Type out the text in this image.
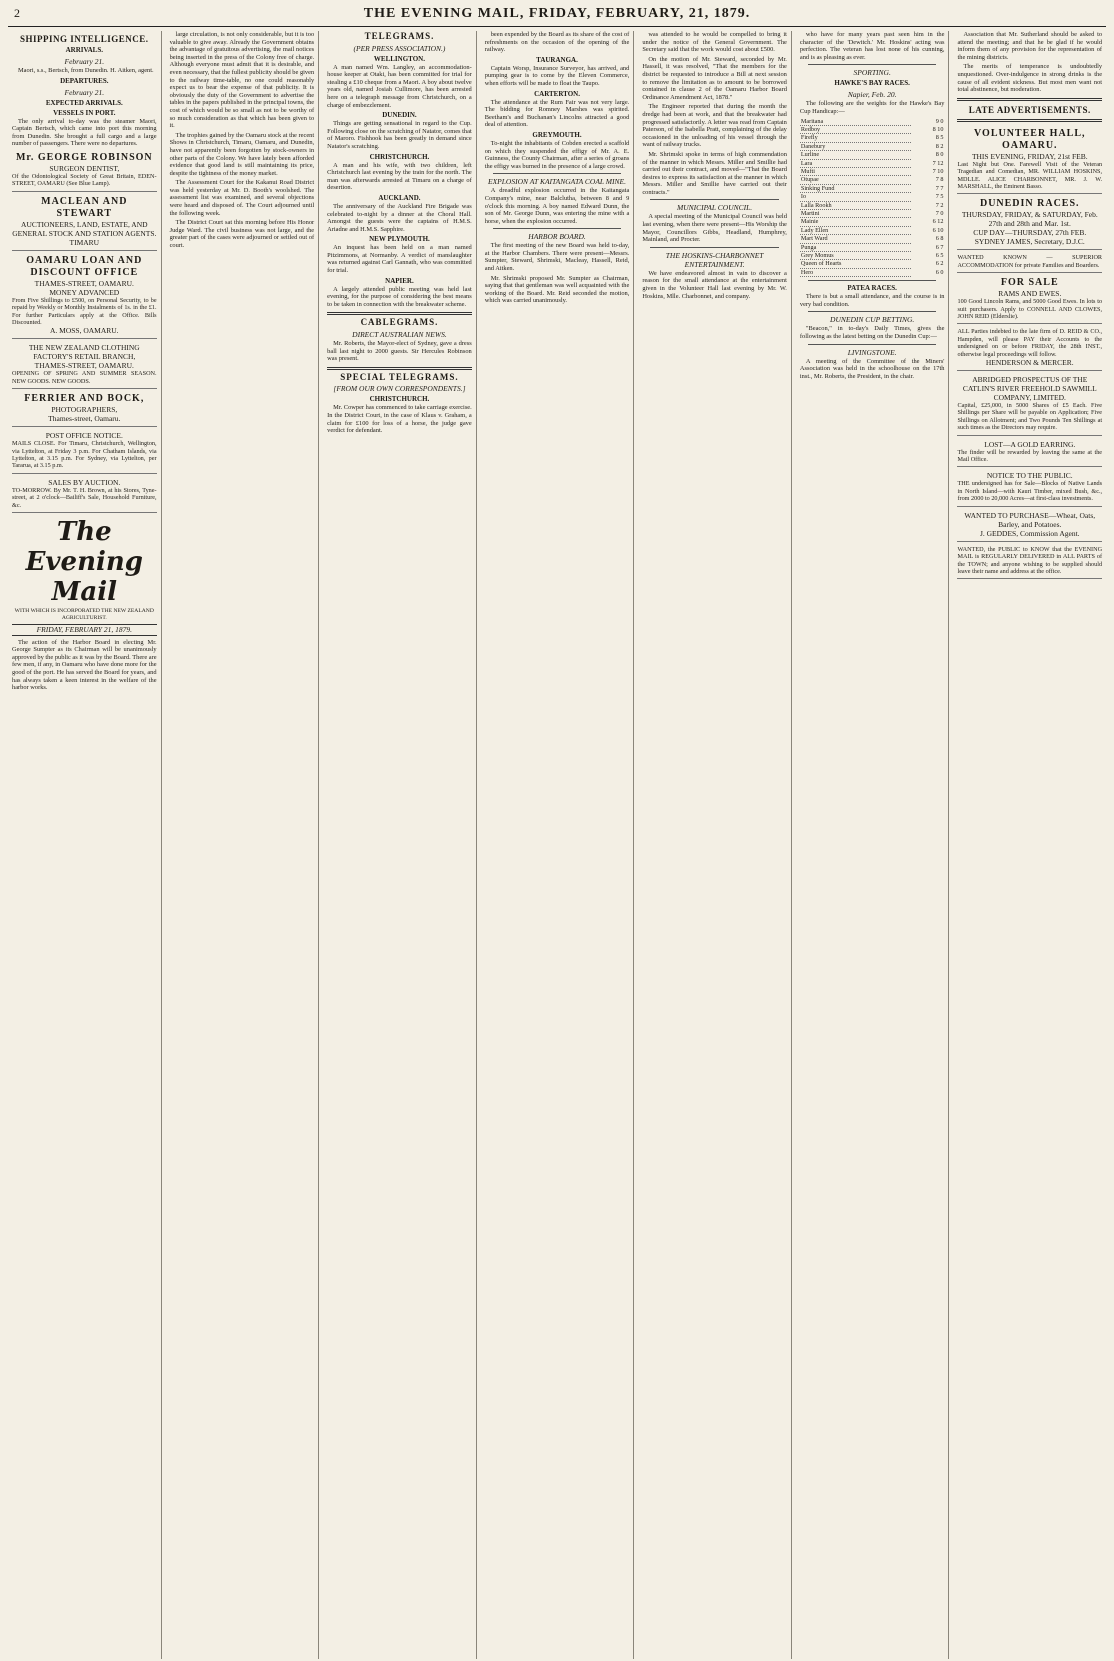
2	THE EVENING MAIL, FRIDAY, FEBRUARY, 21, 1879.
SHIPPING INTELLIGENCE.
ARRIVALS.
February 21.

Maori, s.s., Bertsch, from Dunedin. H. Aitken, agent.

DEPARTURES.
February 21.
EXPECTED ARRIVALS.
VESSELS IN PORT.

The only arrival to-day was the steamer Maori, Captain Bertsch, which came into port this morning from Dunedin. She brought a full cargo and a large number of passengers. There were no departures.

Mr. GEORGE ROBINSON
SURGEON DENTIST,
Of the Odontological Society of Great Britain, EDEN-STREET, OAMARU (See Blue Lamp).
MACLEAN AND STEWART
AUCTIONEERS, LAND, ESTATE, AND GENERAL STOCK AND STATION AGENTS.
TIMARU
OAMARU LOAN AND DISCOUNT OFFICE
THAMES-STREET, OAMARU.
MONEY ADVANCED
From Five Shillings to £500, on Personal Security, to be repaid by Weekly or Monthly Instalments of 1s. in the £1. For further Particulars apply at the Office. Bills Discounted.
A. MOSS, OAMARU.
THE NEW ZEALAND CLOTHING FACTORY'S RETAIL BRANCH,
THAMES-STREET, OAMARU.
OPENING OF SPRING AND SUMMER SEASON. NEW GOODS. NEW GOODS.
FERRIER AND BOCK,
PHOTOGRAPHERS,
Thames-street, Oamaru.
POST OFFICE NOTICE.
MAILS CLOSE. For Timaru, Christchurch, Wellington, via Lyttelton, at Friday 3 p.m. For Chatham Islands, via Lyttelton, at 3.15 p.m. For Sydney, via Lyttelton, per Tararua, at 3.15 p.m.
SALES BY AUCTION.
TO-MORROW. By Mr. T. H. Brown, at his Stores, Tyne-street, at 2 o'clock—Bailiff's Sale, Household Furniture, &c.
The Evening Mail
WITH WHICH IS INCORPORATED THE NEW ZEALAND AGRICULTURIST.
FRIDAY, FEBRUARY 21, 1879.

The action of the Harbor Board in electing Mr. George Sumpter as its Chairman will be unanimously approved by the public as it was by the Board. There are few men, if any, in Oamaru who have done more for the good of the port. He has served the Board for years, and has always taken a keen interest in the welfare of the harbor works.

large circulation, is not only considerable, but it is too valuable to give away. Already the Government obtains the advantage of gratuitous advertising, the mail notices being inserted in the press of the Colony free of charge. Although everyone must admit that it is desirable, and even necessary, that the fullest publicity should be given to the railway time-table, no one could reasonably expect us to bear the expense of that publicity. It is obviously the duty of the Government to advertise the tables in the papers published in the principal towns, the cost of which would be so small as not to be worthy of so much consideration as that which has been given to it.

The trophies gained by the Oamaru stock at the recent Shows in Christchurch, Timaru, Oamaru, and Dunedin, have not apparently been forgotten by stock-owners in other parts of the Colony. We have lately been afforded evidence that good land is still maintaining its price, despite the tightness of the money market.

The Assessment Court for the Kakanui Road District was held yesterday at Mr. D. Booth's woolshed. The assessment list was examined, and several objections were heard and disposed of. The Court adjourned until the following week.

The District Court sat this morning before His Honor Judge Ward. The civil business was not large, and the greater part of the cases were adjourned or settled out of court.

TELEGRAMS.
(PER PRESS ASSOCIATION.)
WELLINGTON.

A man named Wm. Langley, an accommodation-house keeper at Otaki, has been committed for trial for stealing a £10 cheque from a Maori. A boy about twelve years old, named Josiah Cullimore, has been arrested here on a telegraph message from Christchurch, on a charge of embezzlement.

DUNEDIN.

Things are getting sensational in regard to the Cup. Following close on the scratching of Natator, comes that of Maroro. Fishhook has been greatly in demand since Natator's scratching.

CHRISTCHURCH.

A man and his wife, with two children, left Christchurch last evening by the train for the north. The man was afterwards arrested at Timaru on a charge of desertion.

AUCKLAND.

The anniversary of the Auckland Fire Brigade was celebrated to-night by a dinner at the Choral Hall. Amongst the guests were the captains of H.M.S. Ariadne and H.M.S. Sapphire.

NEW PLYMOUTH.

An inquest has been held on a man named Pitzimmons, at Normanby. A verdict of manslaughter was returned against Carl Gannath, who was committed for trial.

NAPIER.

A largely attended public meeting was held last evening, for the purpose of considering the best means to be taken in connection with the breakwater scheme.

CABLEGRAMS.
DIRECT AUSTRALIAN NEWS.

Mr. Roberts, the Mayor-elect of Sydney, gave a dress ball last night to 2000 guests. Sir Hercules Robinson was present.

SPECIAL TELEGRAMS.
[FROM OUR OWN CORRESPONDENTS.]
CHRISTCHURCH.

Mr. Cowper has commenced to take carriage exercise. In the District Court, in the case of Klaus v. Graham, a claim for £100 for loss of a horse, the judge gave verdict for defendant.

been expended by the Board as its share of the cost of refreshments on the occasion of the opening of the railway.

TAURANGA.

Captain Worsp, Insurance Surveyor, has arrived, and pumping gear is to come by the Eleven Commerce, when efforts will be made to float the Taupo.

CARTERTON.

The attendance at the Rum Fair was not very large. The bidding for Romney Marshes was spirited. Beetham's and Buchanan's Lincolns attracted a good deal of attention.

GREYMOUTH.

To-night the inhabitants of Cobden erected a scaffold on which they suspended the effigy of Mr. A. E. Guinness, the County Chairman, after a series of groans the effigy was burned in the presence of a large crowd.

EXPLOSION AT KAITANGATA COAL MINE.

A dreadful explosion occurred in the Kaitangata Company's mine, near Balclutha, between 8 and 9 o'clock this morning. A boy named Edward Dunn, the son of Mr. George Dunn, was entering the mine with a horse, when the explosion occurred.

HARBOR BOARD.

The first meeting of the new Board was held to-day, at the Harbor Chambers. There were present—Messrs. Sumpter, Steward, Shrimski, Macleay, Hassell, Reid, and Aitken.

Mr. Shrimski proposed Mr. Sumpter as Chairman, saying that that gentleman was well acquainted with the working of the Board. Mr. Reid seconded the motion, which was carried unanimously.

was attended to he would be compelled to bring it under the notice of the General Government. The Secretary said that the work would cost about £500.

On the motion of Mr. Steward, seconded by Mr. Hassell, it was resolved, "That the members for the district be requested to introduce a Bill at next session to remove the limitation as to amount to be borrowed contained in clause 2 of the Oamaru Harbor Board Ordinance Amendment Act, 1878."

The Engineer reported that during the month the dredge had been at work, and that the breakwater had progressed satisfactorily. A letter was read from Captain Paterson, of the Isabella Pratt, complaining of the delay occasioned in the unloading of his vessel through the want of railway trucks.

Mr. Shrimski spoke in terms of high commendation of the manner in which Messrs. Miller and Smillie had carried out their contract, and moved—"That the Board desires to express its satisfaction at the manner in which Messrs. Miller and Smillie have carried out their contracts."

MUNICIPAL COUNCIL.

A special meeting of the Municipal Council was held last evening, when there were present—His Worship the Mayor, Councillors Gibbs, Headland, Humphrey, Mainland, and Procter.

THE HOSKINS-CHARBONNET ENTERTAINMENT.

We have endeavored almost in vain to discover a reason for the small attendance at the entertainment given in the Volunteer Hall last evening by Mr. W. Hoskins, Mlle. Charbonnet, and company.

who have for many years past seen him in the character of the 'Dewitch.' Mr. Hoskins' acting was perfection. The veteran has lost none of his cunning, and is as pleasing as ever.

SPORTING.
HAWKE'S BAY RACES.
Napier, Feb. 20.

The following are the weights for the Hawke's Bay Cup Handicap:—

Maritana	9 0
Redboy	8 10
Firefly	8 5
Danebury	8 2
Lurline	8 0
Lara	7 12
Mufti	7 10
Otupae	7 8
Sinking Fund	7 7
Io	7 5
Lalla Rookh	7 2
Martini	7 0
Mainie	6 12
Lady Ellen	6 10
Mart Ward	6 8
Punga	6 7
Grey Momus	6 5
Queen of Hearts	6 2
Hero	6 0
PATEA RACES.

There is but a small attendance, and the course is in very bad condition.

DUNEDIN CUP BETTING.

"Beacon," in to-day's Daily Times, gives the following as the latest betting on the Dunedin Cup:—

LIVINGSTONE.

A meeting of the Committee of the Miners' Association was held in the schoolhouse on the 17th inst., Mr. Roberts, the President, in the chair.

Association that Mr. Sutherland should be asked to attend the meeting; and that he be glad if he would inform them of any provision for the representation of the mining districts.

The merits of temperance is undoubtedly unquestioned. Over-indulgence in strong drinks is the cause of all evident sickness. But most men want not total abstinence, but moderation.

LATE ADVERTISEMENTS.
VOLUNTEER HALL, OAMARU.
THIS EVENING, FRIDAY, 21st FEB.
Last Night but One. Farewell Visit of the Veteran Tragedian and Comedian, MR. WILLIAM HOSKINS, MDLLE. ALICE CHARBONNET, MR. J. W. MARSHALL, the Eminent Basso.
DUNEDIN RACES.
THURSDAY, FRIDAY, & SATURDAY, Feb. 27th and 28th and Mar. 1st.
CUP DAY—THURSDAY, 27th FEB.
SYDNEY JAMES, Secretary, D.J.C.
WANTED KNOWN — SUPERIOR ACCOMMODATION for private Families and Boarders.
FOR SALE
RAMS AND EWES.
100 Good Lincoln Rams, and 5000 Good Ewes. In lots to suit purchasers. Apply to CONNELL AND CLOWES, JOHN REID (Elderslie).
ALL Parties indebted to the late firm of D. REID & CO., Hampden, will please PAY their Accounts to the undersigned on or before FRIDAY, the 28th INST., otherwise legal proceedings will follow.
HENDERSON & MERCER.
ABRIDGED PROSPECTUS OF THE CATLIN'S RIVER FREEHOLD SAWMILL COMPANY, LIMITED.
Capital, £25,000, in 5000 Shares of £5 Each. Five Shillings per Share will be payable on Application; Five Shillings on Allotment; and Two Pounds Ten Shillings at such times as the Directors may require.
LOST—A GOLD EARRING.
The finder will be rewarded by leaving the same at the Mail Office.
NOTICE TO THE PUBLIC.
THE undersigned has for Sale—Blocks of Native Lands in North Island—with Kauri Timber, mixed Bush, &c., from 2000 to 20,000 Acres—at first-class investments.
WANTED TO PURCHASE—Wheat, Oats, Barley, and Potatoes.
J. GEDDES, Commission Agent.
WANTED, the PUBLIC to KNOW that the EVENING MAIL is REGULARLY DELIVERED in ALL PARTS of the TOWN; and anyone wishing to be supplied should leave their name and address at the office.
